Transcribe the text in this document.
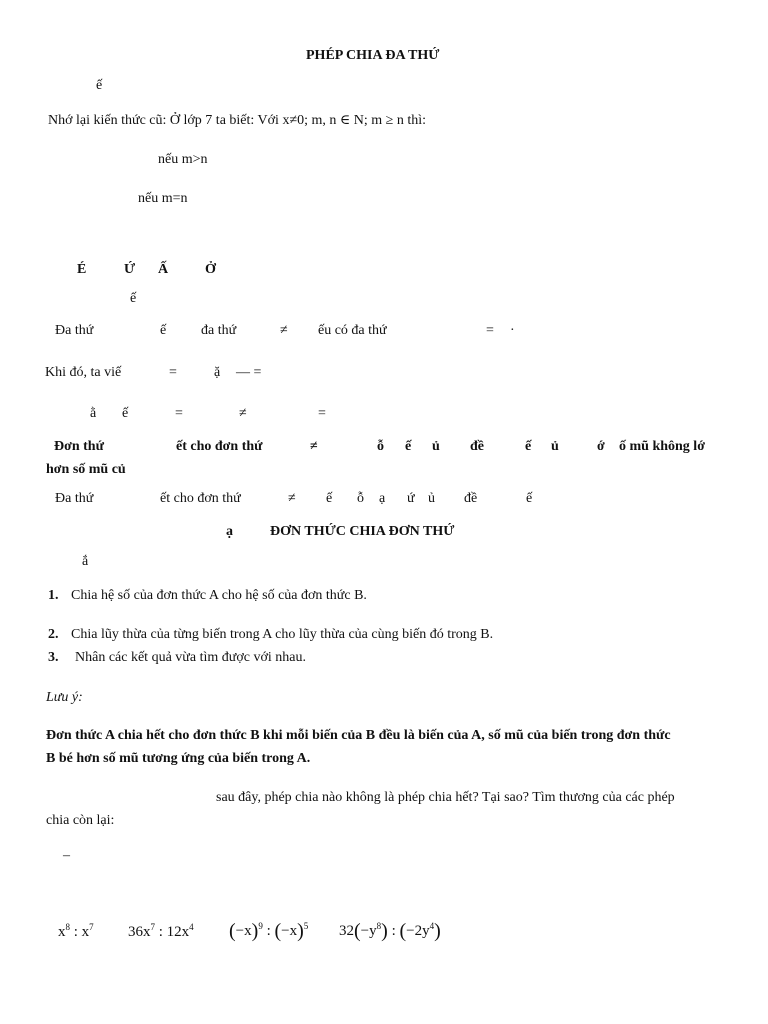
PHÉP CHIA ĐA THỨ
ế
Nhớ lại kiến thức cũ: Ở lớp 7 ta biết: Với x≠0; m, n ∈ N; m ≥ n thì:
nếu m>n
nếu m=n
É	Ứ Ấ	Ở
ế
Đa thứ	ế đa thứ	≠ ếu có đa thứ	= ·
Khi đó, ta viế	=	ặ — =
ằ ế	=	≠	=
Đơn thứ	ết cho đơn thứ	≠	ỗ ế ủ đề	ế ủ	ớ ố mũ không lớ
hơn số mũ củ
Đa thứ	ết cho đơn thứ	≠ ế ỗ ạ ứ ủ đề	ế
ạ	ĐƠN THỨC CHIA ĐƠN THỨ
ắ
1. Chia hệ số của đơn thức A cho hệ số của đơn thức B.
2. Chia lũy thừa của từng biến trong A cho lũy thừa của cùng biến đó trong B.
3. Nhân các kết quả vừa tìm được với nhau.
Lưu ý:
Đơn thức A chia hết cho đơn thức B khi mỗi biến của B đều là biến của A, số mũ của biến trong đơn thức
B bé hơn số mũ tương ứng của biến trong A.
sau đây, phép chia nào không là phép chia hết? Tại sao? Tìm thương của các phép
chia còn lại:
–
$x^8$ : $x^7$ $36x^7$ : $12x^4$ $(-x)^9$ : $(-x)^5$ $32(-y^8)$ : $(-2y^4)$
